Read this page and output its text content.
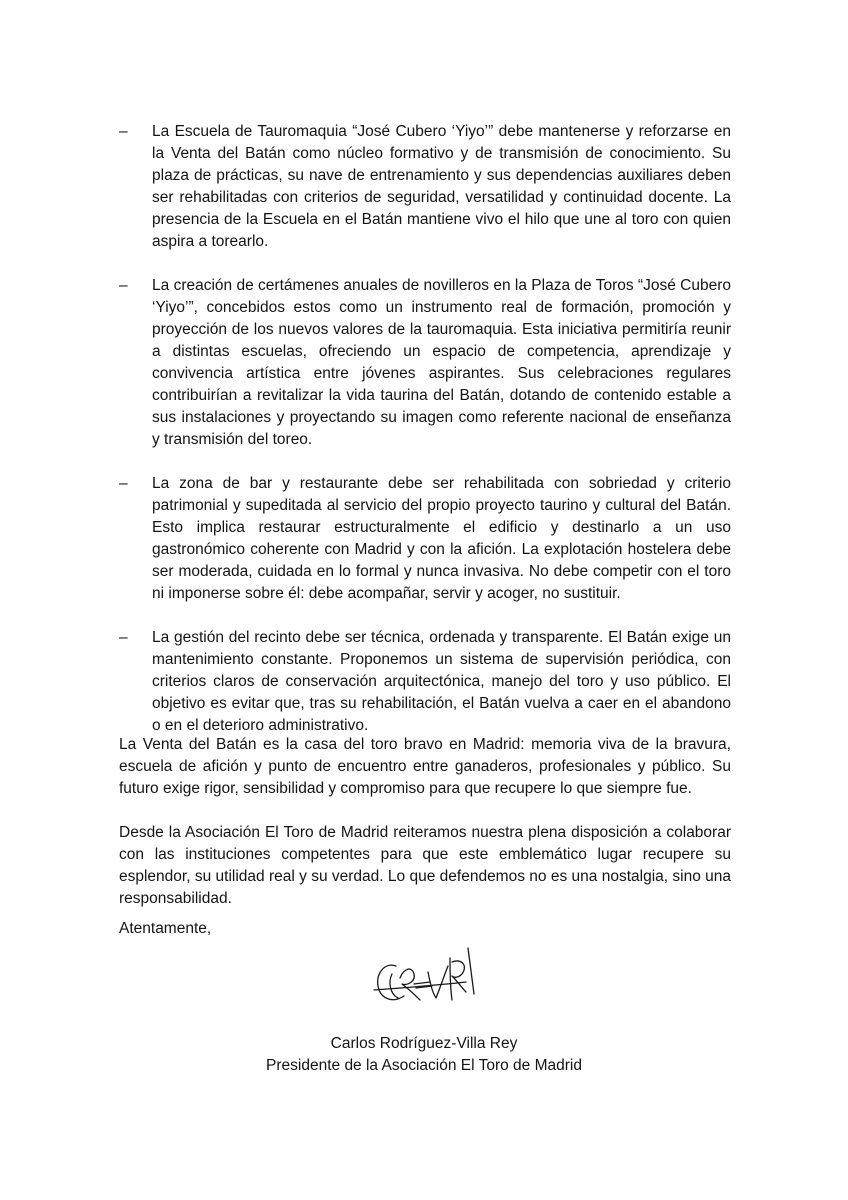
– La Escuela de Tauromaquia “José Cubero ‘Yiyo’” debe mantenerse y reforzarse en la Venta del Batán como núcleo formativo y de transmisión de conocimiento. Su plaza de prácticas, su nave de entrenamiento y sus dependencias auxiliares deben ser rehabilitadas con criterios de seguridad, versatilidad y continuidad docente. La presencia de la Escuela en el Batán mantiene vivo el hilo que une al toro con quien aspira a torearlo.

– La creación de certámenes anuales de novilleros en la Plaza de Toros “José Cubero ‘Yiyo’”, concebidos estos como un instrumento real de formación, promoción y proyección de los nuevos valores de la tauromaquia. Esta iniciativa permitiría reunir a distintas escuelas, ofreciendo un espacio de competencia, aprendizaje y convivencia artística entre jóvenes aspirantes. Sus celebraciones regulares contribuirían a revitalizar la vida taurina del Batán, dotando de contenido estable a sus instalaciones y proyectando su imagen como referente nacional de enseñanza y transmisión del toreo.

– La zona de bar y restaurante debe ser rehabilitada con sobriedad y criterio patrimonial y supeditada al servicio del propio proyecto taurino y cultural del Batán. Esto implica restaurar estructuralmente el edificio y destinarlo a un uso gastronómico coherente con Madrid y con la afición. La explotación hostelera debe ser moderada, cuidada en lo formal y nunca invasiva. No debe competir con el toro ni imponerse sobre él: debe acompañar, servir y acoger, no sustituir.

– La gestión del recinto debe ser técnica, ordenada y transparente. El Batán exige un mantenimiento constante. Proponemos un sistema de supervisión periódica, con criterios claros de conservación arquitectónica, manejo del toro y uso público. El objetivo es evitar que, tras su rehabilitación, el Batán vuelva a caer en el abandono o en el deterioro administrativo.

La Venta del Batán es la casa del toro bravo en Madrid: memoria viva de la bravura, escuela de afición y punto de encuentro entre ganaderos, profesionales y público. Su futuro exige rigor, sensibilidad y compromiso para que recupere lo que siempre fue.

Desde la Asociación El Toro de Madrid reiteramos nuestra plena disposición a colaborar con las instituciones competentes para que este emblemático lugar recupere su esplendor, su utilidad real y su verdad. Lo que defendemos no es una nostalgia, sino una responsabilidad.

Atentamente,
Carlos Rodríguez-Villa Rey
Presidente de la Asociación El Toro de Madrid
